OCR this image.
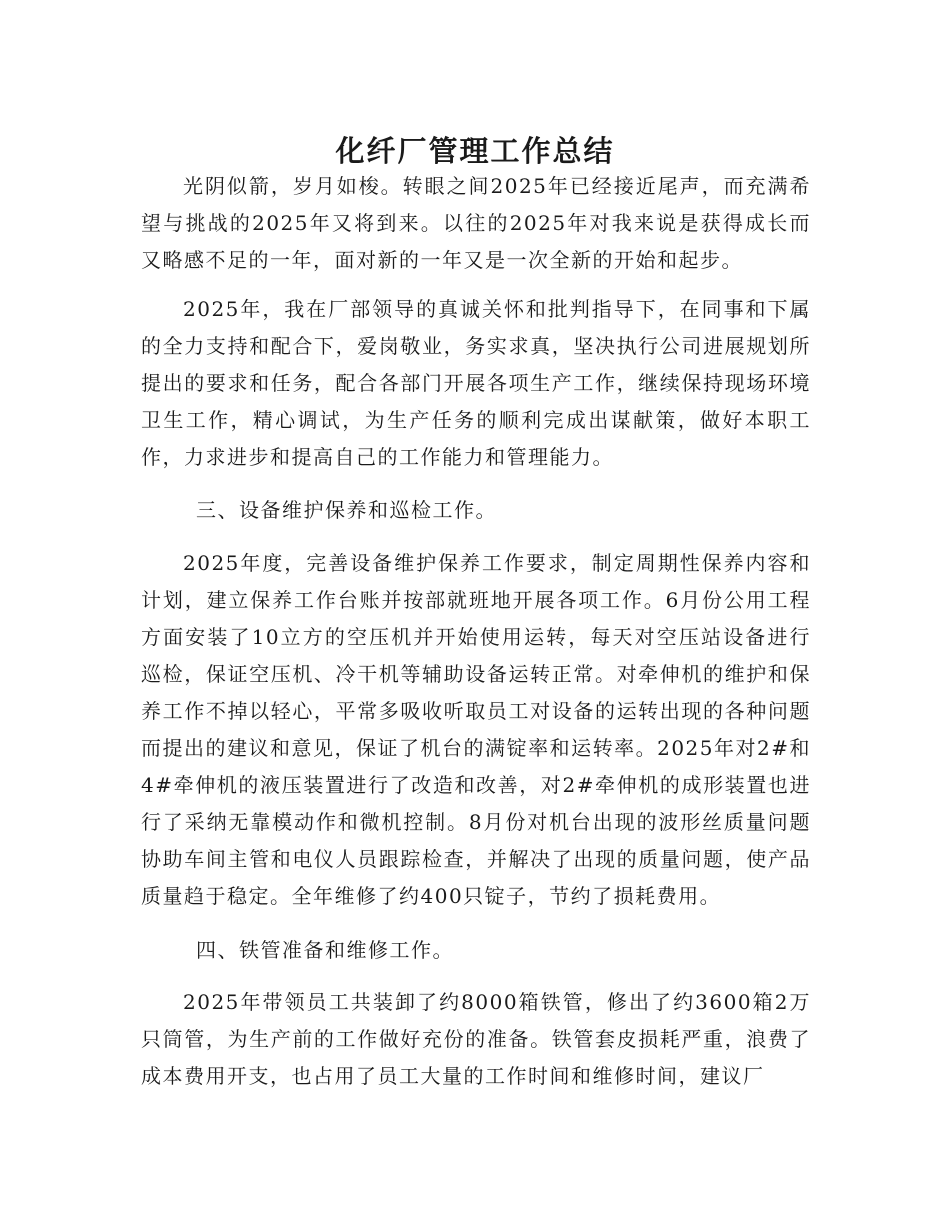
化纤厂管理工作总结

光阴似箭，岁月如梭。转眼之间2025年已经接近尾声，而充满希望与挑战的2025年又将到来。以往的2025年对我来说是获得成长而又略感不足的一年，面对新的一年又是一次全新的开始和起步。

2025年，我在厂部领导的真诚关怀和批判指导下，在同事和下属的全力支持和配合下，爱岗敬业，务实求真，坚决执行公司进展规划所提出的要求和任务，配合各部门开展各项生产工作，继续保持现场环境卫生工作，精心调试，为生产任务的顺利完成出谋献策，做好本职工作，力求进步和提高自己的工作能力和管理能力。

三、设备维护保养和巡检工作。

2025年度，完善设备维护保养工作要求，制定周期性保养内容和计划，建立保养工作台账并按部就班地开展各项工作。6月份公用工程方面安装了10立方的空压机并开始使用运转，每天对空压站设备进行巡检，保证空压机、冷干机等辅助设备运转正常。对牵伸机的维护和保养工作不掉以轻心，平常多吸收听取员工对设备的运转出现的各种问题而提出的建议和意见，保证了机台的满锭率和运转率。2025年对2#和4#牵伸机的液压装置进行了改造和改善，对2#牵伸机的成形装置也进行了采纳无靠模动作和微机控制。8月份对机台出现的波形丝质量问题协助车间主管和电仪人员跟踪检查，并解决了出现的质量问题，使产品质量趋于稳定。全年维修了约400只锭子，节约了损耗费用。

四、铁管准备和维修工作。

2025年带领员工共装卸了约8000箱铁管，修出了约3600箱2万只筒管，为生产前的工作做好充份的准备。铁管套皮损耗严重，浪费了成本费用开支，也占用了员工大量的工作时间和维修时间，建议厂
